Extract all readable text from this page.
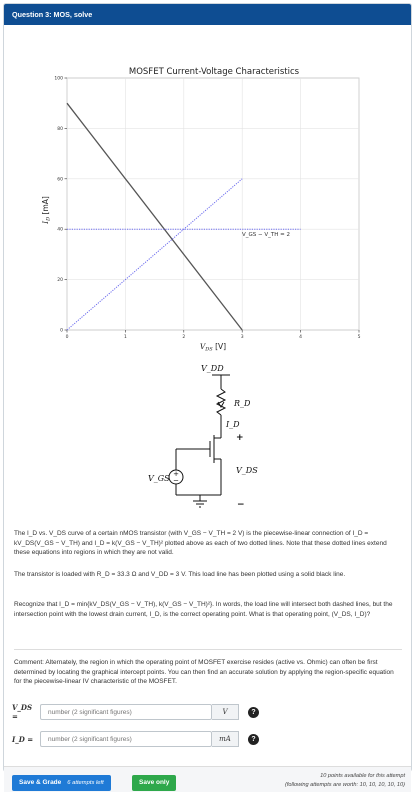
Question 3: MOS, solve
MOSFET Current-Voltage Characteristics
0	1	2	3	4	5
0
20
40
60
80
100
V_GS − V_TH = 2
$I_D$ [mA]
$V_{DS}$ [V]
+
−
V_DD
R_D
I_D
+
V_DS
−
V_GS
The I_D vs. V_DS curve of a certain nMOS transistor (with V_GS − V_TH = 2 V) is the piecewise-linear connection of I_D = kV_DS(V_GS − V_TH) and I_D = k(V_GS − V_TH)² plotted above as each of two dotted lines. Note that these dotted lines extend these equations into regions in which they are not valid.
The transistor is loaded with R_D = 33.3 Ω and V_DD = 3 V. This load line has been plotted using a solid black line.
Recognize that I_D = min{kV_DS(V_GS − V_TH), k(V_GS − V_TH)²}. In words, the load line will intersect both dashed lines, but the intersection point with the lowest drain current, I_D, is the correct operating point. What is that operating point, (V_DS, I_D)?
Comment: Alternately, the region in which the operating point of MOSFET exercise resides (active vs. Ohmic) can often be first determined by locating the graphical intercept points. You can then find an accurate solution by applying the region-specific equation for the piecewise-linear IV characteristic of the MOSFET.
V_DS =
number (2 significant figures)	V	?
I_D =
number (2 significant figures)	mA	?
Save & Grade 6 attempts left	Save only
10 points available for this attempt
(following attempts are worth: 10, 10, 10, 10, 10)
